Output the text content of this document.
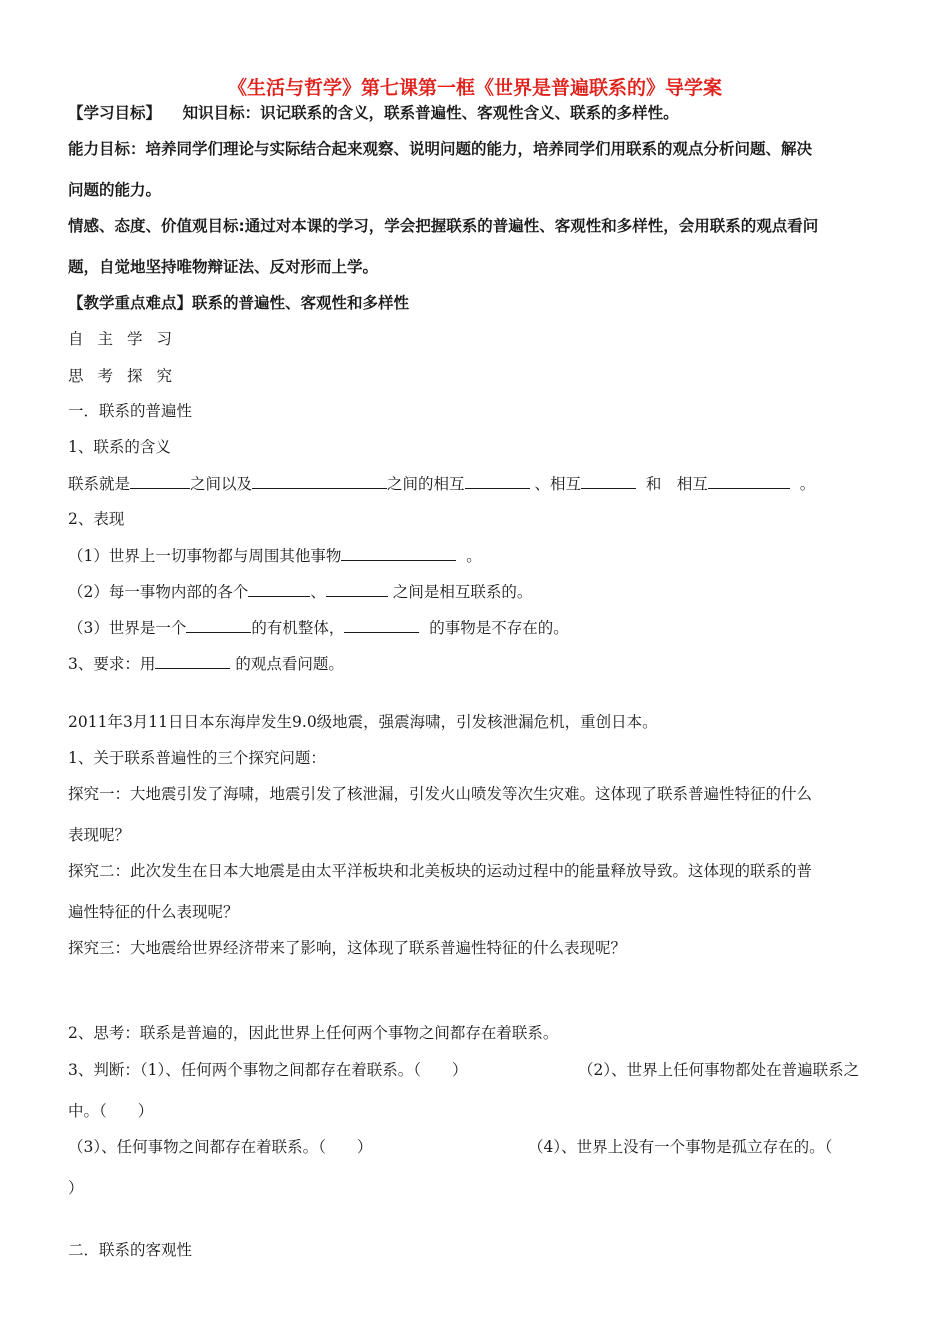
《生活与哲学》第七课第一框《世界是普遍联系的》导学案
【学习目标】 知识目标：识记联系的含义，联系普遍性、客观性含义、联系的多样性。
能力目标：培养同学们理论与实际结合起来观察、说明问题的能力，培养同学们用联系的观点分析问题、解决
问题的能力。
情感、态度、价值观目标:通过对本课的学习，学会把握联系的普遍性、客观性和多样性，会用联系的观点看问
题，自觉地坚持唯物辩证法、反对形而上学。
【教学重点难点】联系的普遍性、客观性和多样性
自主学习
思考探究
一．联系的普遍性
1、联系的含义
联系就是	之间以及	之间的相互	、相互	和　相互	。
2、表现
（1）世界上一切事物都与周围其他事物	。
（2）每一事物内部的各个	、	之间是相互联系的。
（3）世界是一个	的有机整体，	的事物是不存在的。
3、要求：用	的观点看问题。
2011年3月11日日本东海岸发生9.0级地震，强震海啸，引发核泄漏危机，重创日本。
1、关于联系普遍性的三个探究问题：
探究一：大地震引发了海啸，地震引发了核泄漏，引发火山喷发等次生灾难。这体现了联系普遍性特征的什么
表现呢？
探究二：此次发生在日本大地震是由太平洋板块和北美板块的运动过程中的能量释放导致。这体现的联系的普
遍性特征的什么表现呢？
探究三：大地震给世界经济带来了影响，这体现了联系普遍性特征的什么表现呢？
2、思考：联系是普遍的，因此世界上任何两个事物之间都存在着联系。
3、判断：（1）、任何两个事物之间都存在着联系。（　　）	（2）、世界上任何事物都处在普遍联系之
中。（　　）
（3）、任何事物之间都存在着联系。（　　）	（4）、世界上没有一个事物是孤立存在的。（
）
二．联系的客观性
